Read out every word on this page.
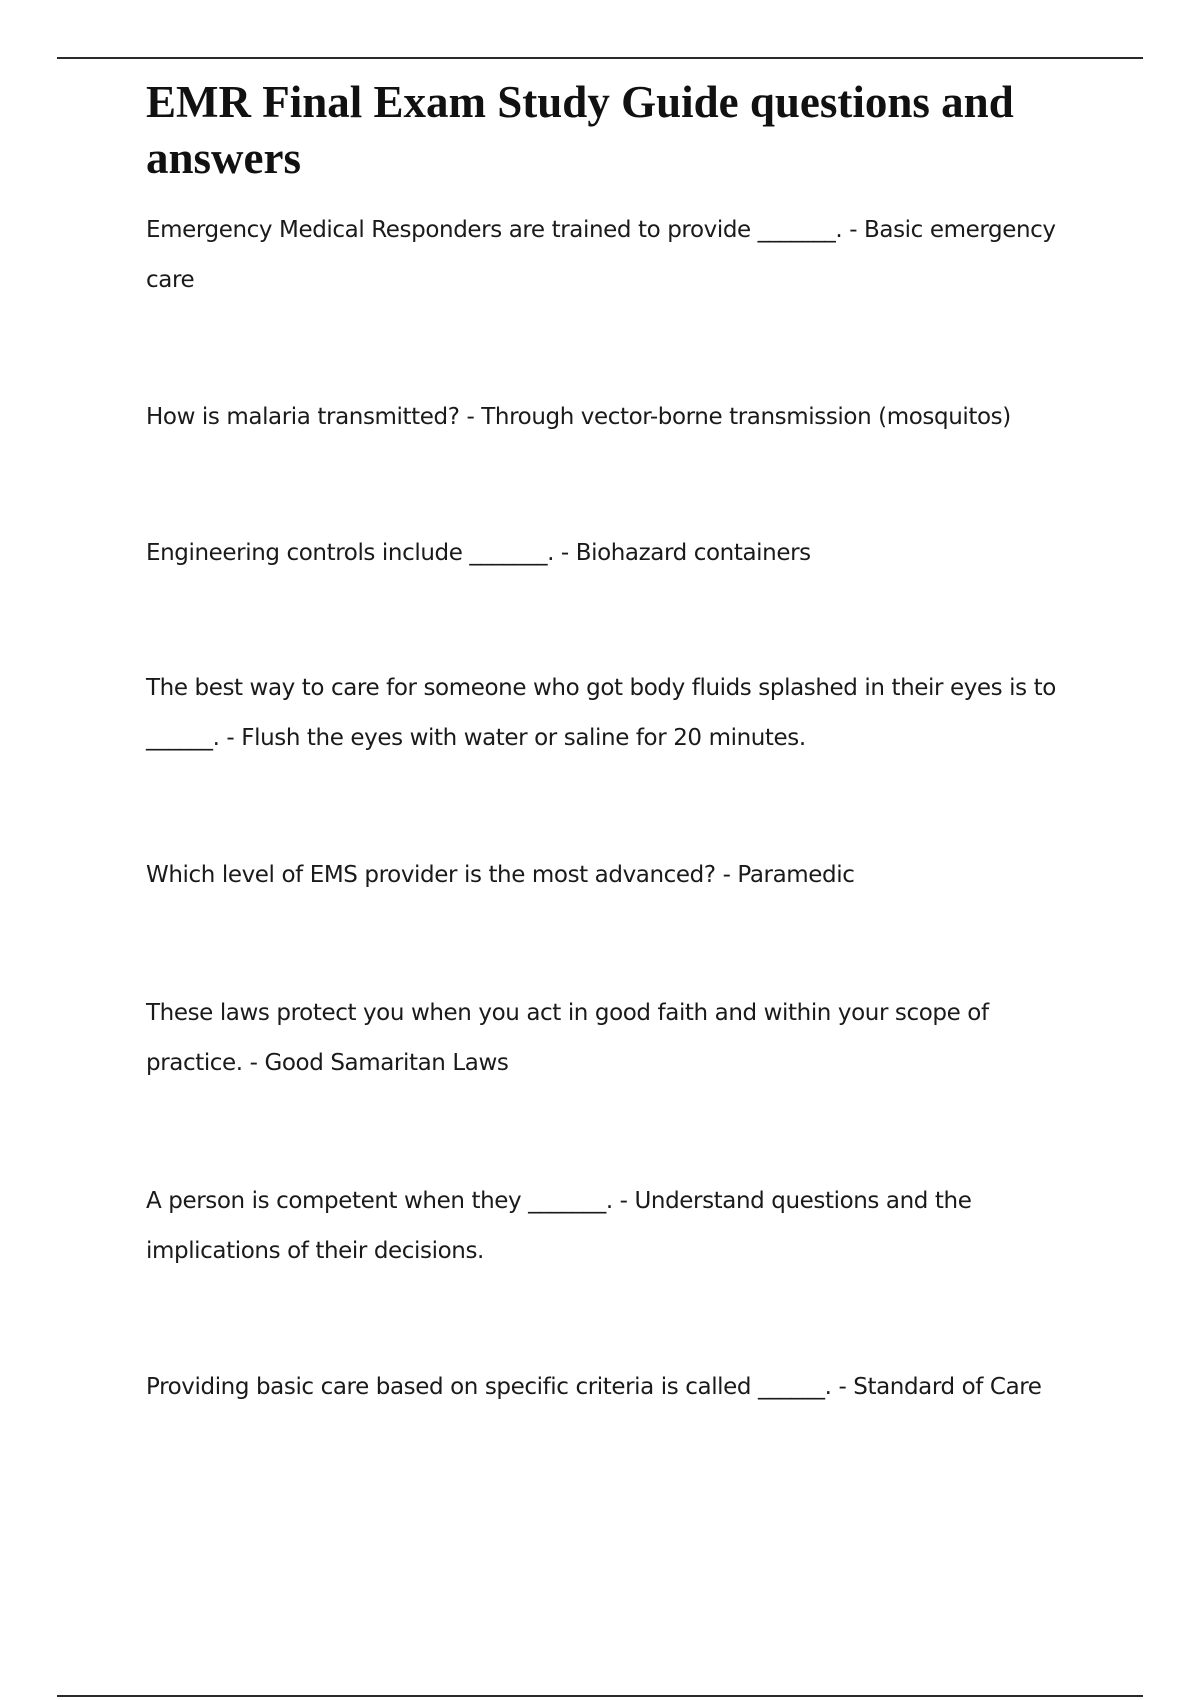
EMR Final Exam Study Guide questions and answers

Emergency Medical Responders are trained to provide _______. - Basic emergency care

How is malaria transmitted? - Through vector-borne transmission (mosquitos)

Engineering controls include _______. - Biohazard containers

The best way to care for someone who got body fluids splashed in their eyes is to ______. - Flush the eyes with water or saline for 20 minutes.

Which level of EMS provider is the most advanced? - Paramedic

These laws protect you when you act in good faith and within your scope of practice. - Good Samaritan Laws

A person is competent when they _______. - Understand questions and the implications of their decisions.

Providing basic care based on specific criteria is called ______. - Standard of Care
